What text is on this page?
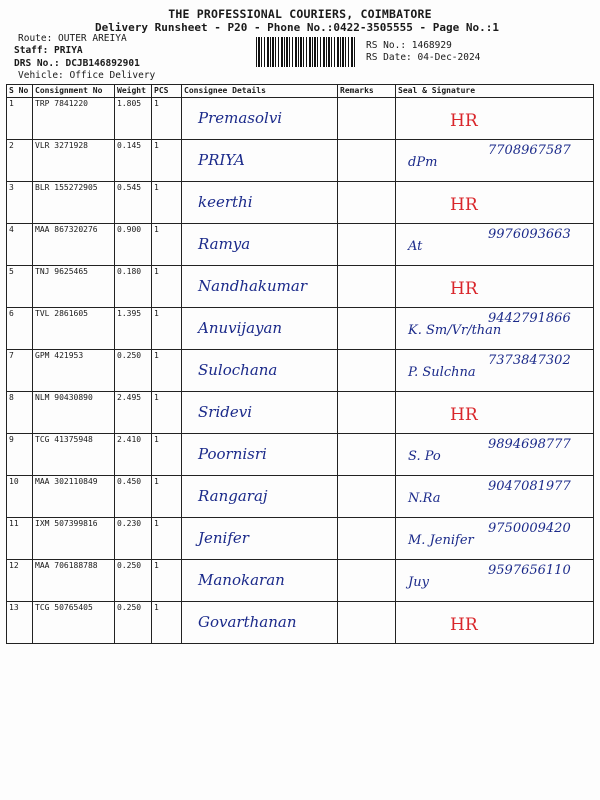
THE PROFESSIONAL COURIERS, COIMBATORE
Delivery Runsheet - P20 - Phone No.:0422-3505555 - Page No.:1
Route: OUTER AREIYA
Staff: PRIYA
DRS No.: DCJB146892901
Vehicle: Office Delivery
RS No.: 1468929
RS Date: 04-Dec-2024
S No	Consignment No	Weight	PCS	Consignee Details	Remarks	Seal & Signature
1	TRP 7841220	1.805	1	Premasolvi		HR

2	VLR 3271928	0.145	1	PRIYA		dPm
7708967587

3	BLR 155272905	0.545	1	keerthi		HR

4	MAA 867320276	0.900	1	Ramya		At
9976093663

5	TNJ 9625465	0.180	1	Nandhakumar		HR

6	TVL 2861605	1.395	1	Anuvijayan		K. Sm/Vr/than
9442791866

7	GPM 421953	0.250	1	Sulochana		P. Sulchna
7373847302

8	NLM 90430890	2.495	1	Sridevi		HR

9	TCG 41375948	2.410	1	Poornisri		S. Po
9894698777

10	MAA 302110849	0.450	1	Rangaraj		N.Ra
9047081977

11	IXM 507399816	0.230	1	Jenifer		M. Jenifer
9750009420

12	MAA 706188788	0.250	1	Manokaran		Juy
9597656110

13	TCG 50765405	0.250	1	Govarthanan		HR
